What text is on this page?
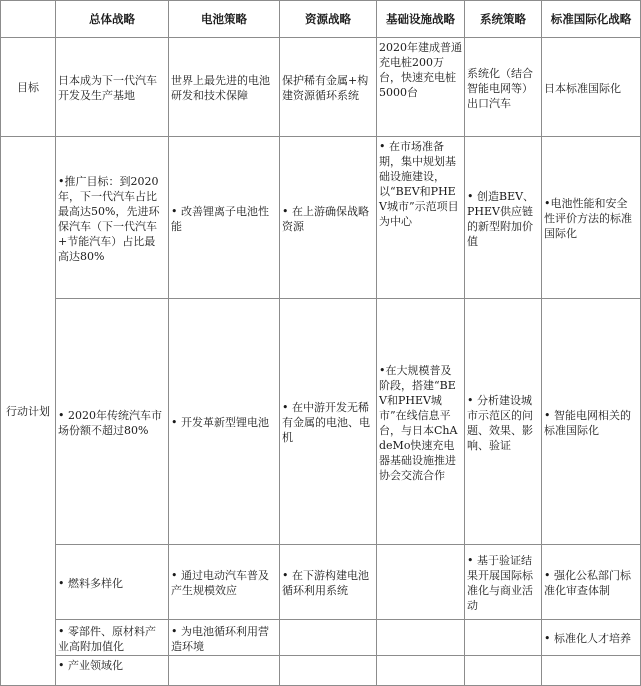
	总体战略	电池策略	资源战略	基础设施战略	系统策略	标准国际化战略
目标	日本成为下一代汽车开发及生产基地	世界上最先进的电池研发和技术保障	保护稀有金属+构建资源循环系统	2020年建成普通充电桩200万台，快速充电桩5000台	系统化（结合智能电网等）出口汽车	日本标准国际化
行动计划	•推广目标：到2020年，下一代汽车占比最高达50%，先进环保汽车（下一代汽车+节能汽车）占比最高达80%	• 改善锂离子电池性能	• 在上游确保战略资源	• 在市场准备期，集中规划基础设施建设，以“BEV和PHEV城市”示范项目为中心	• 创造BEV、PHEV供应链的新型附加价值	•电池性能和安全性评价方法的标准国际化
	• 2020年传统汽车市场份额不超过80%	• 开发革新型锂电池	• 在中游开发无稀有金属的电池、电机	•在大规模普及阶段，搭建“BEV和PHEV城市”在线信息平台，与日本ChAdeMo快速充电器基础设施推进协会交流合作	• 分析建设城市示范区的问题、效果、影响、验证	• 智能电网相关的标准国际化
	• 燃料多样化	• 通过电动汽车普及产生规模效应	• 在下游构建电池循环利用系统		• 基于验证结果开展国际标准化与商业活动	• 强化公私部门标准化审查体制
	• 零部件、原材料产业高附加值化	• 为电池循环利用营造环境				• 标准化人才培养
	• 产业领域化					
